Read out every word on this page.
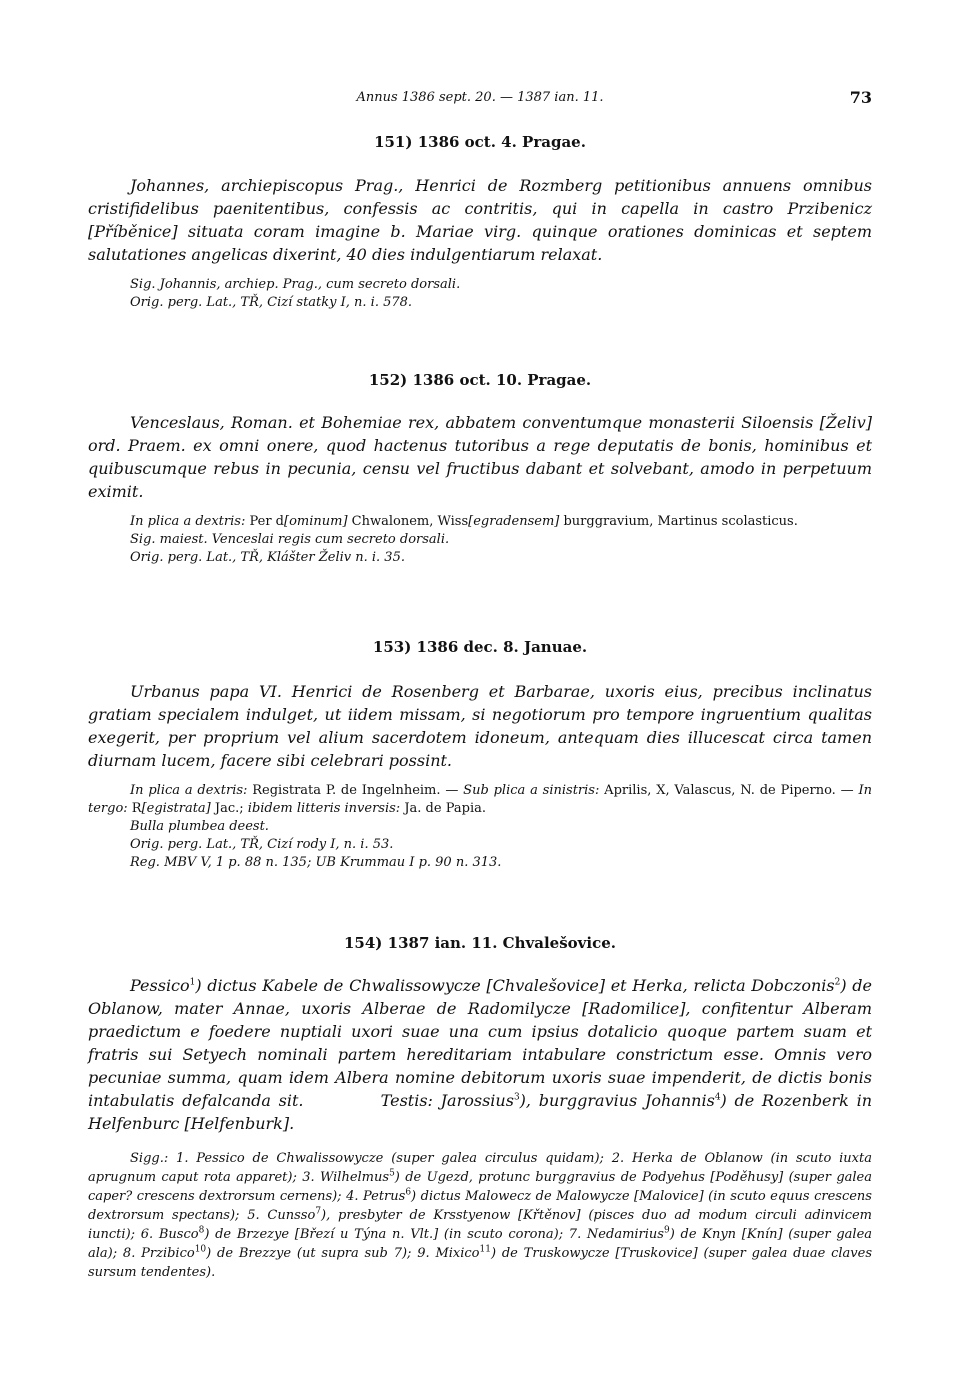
Annus 1386 sept. 20. — 1387 ian. 11.	73
151) 1386 oct. 4. Pragae.

Johannes, archiepiscopus Prag., Henrici de Rozmberg petitionibus annuens omnibus cristifidelibus paenitentibus, confessis ac contritis, qui in capella in castro Przibenicz [Příběnice] situata coram imagine b. Mariae virg. quinque orationes dominicas et septem salutationes angelicas dixerint, 40 dies indulgentiarum relaxat.

Sig. Johannis, archiep. Prag., cum secreto dorsali.

Orig. perg. Lat., TŘ, Cizí statky I, n. i. 578.

152) 1386 oct. 10. Pragae.

Venceslaus, Roman. et Bohemiae rex, abbatem conventumque monasterii Siloensis [Želiv] ord. Praem. ex omni onere, quod hactenus tutoribus a rege deputatis de bonis, hominibus et quibuscumque rebus in pecunia, censu vel fructibus dabant et solvebant, amodo in perpetuum eximit.

In plica a dextris: Per d[ominum] Chwalonem, Wiss[egradensem] burggravium, Martinus scolasticus.

Sig. maiest. Venceslai regis cum secreto dorsali.

Orig. perg. Lat., TŘ, Klášter Želiv n. i. 35.

153) 1386 dec. 8. Januae.

Urbanus papa VI. Henrici de Rosenberg et Barbarae, uxoris eius, precibus inclinatus gratiam specialem indulget, ut iidem missam, si negotiorum pro tempore ingruentium qualitas exegerit, per proprium vel alium sacerdotem idoneum, antequam dies illucescat circa tamen diurnam lucem, facere sibi celebrari possint.

In plica a dextris: Registrata P. de Ingelnheim. — Sub plica a sinistris: Aprilis, X, Valascus, N. de Piperno. — In tergo: R[egistrata] Jac.; ibidem litteris inversis: Ja. de Papia.

Bulla plumbea deest.

Orig. perg. Lat., TŘ, Cizí rody I, n. i. 53.

Reg. MBV V, 1 p. 88 n. 135; UB Krummau I p. 90 n. 313.

154) 1387 ian. 11. Chvalešovice.

Pessico$^1$) dictus Kabele de Chwalissowycze [Chvalešovice] et Herka, relicta Dobczonis$^2$) de Oblanow, mater Annae, uxoris Alberae de Radomilycze [Radomilice], confitentur Alberam praedictum e foedere nuptiali uxori suae una cum ipsius dotalicio quoque partem suam et fratris sui Setyech nominali partem hereditariam intabulare constrictum esse. Omnis vero pecuniae summa, quam idem Albera nomine debitorum uxoris suae impenderit, de dictis bonis intabulatis defalcanda sit.	Testis: Jarossius$^3$), burggravius Johannis$^4$) de Rozenberk in Helfenburc [Helfenburk].

Sigg.: 1. Pessico de Chwalissowycze (super galea circulus quidam); 2. Herka de Oblanow (in scuto iuxta aprugnum caput rota apparet); 3. Wilhelmus$^5$) de Ugezd, protunc burggravius de Podyehus [Poděhusy] (super galea caper? crescens dextrorsum cernens); 4. Petrus$^6$) dictus Malowecz de Malowycze [Malovice] (in scuto equus crescens dextrorsum spectans); 5. Cunsso$^7$), presbyter de Krsstyenow [Křtěnov] (pisces duo ad modum circuli adinvicem iuncti); 6. Busco$^8$) de Brzezye [Březí u Týna n. Vlt.] (in scuto corona); 7. Nedamirius$^9$) de Knyn [Knín] (super galea ala); 8. Przibico$^{10}$) de Brezzye (ut supra sub 7); 9. Mixico$^{11}$) de Truskowycze [Truskovice] (super galea duae claves sursum tendentes).
